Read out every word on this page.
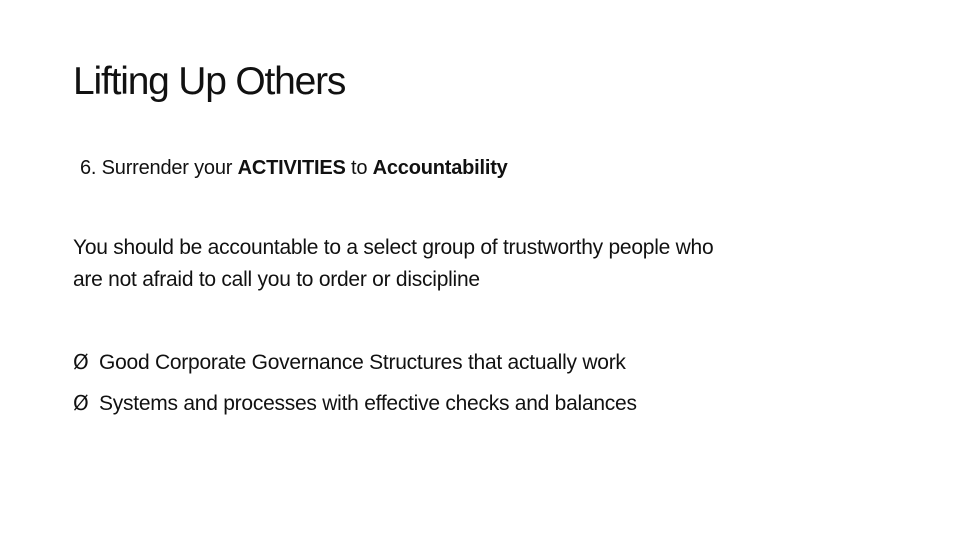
Lifting Up Others
6. Surrender your ACTIVITIES to Accountability
You should be accountable to a select group of trustworthy people who
are not afraid to call you to order or discipline
Ø Good Corporate Governance Structures that actually work
Ø Systems and processes with effective checks and balances
